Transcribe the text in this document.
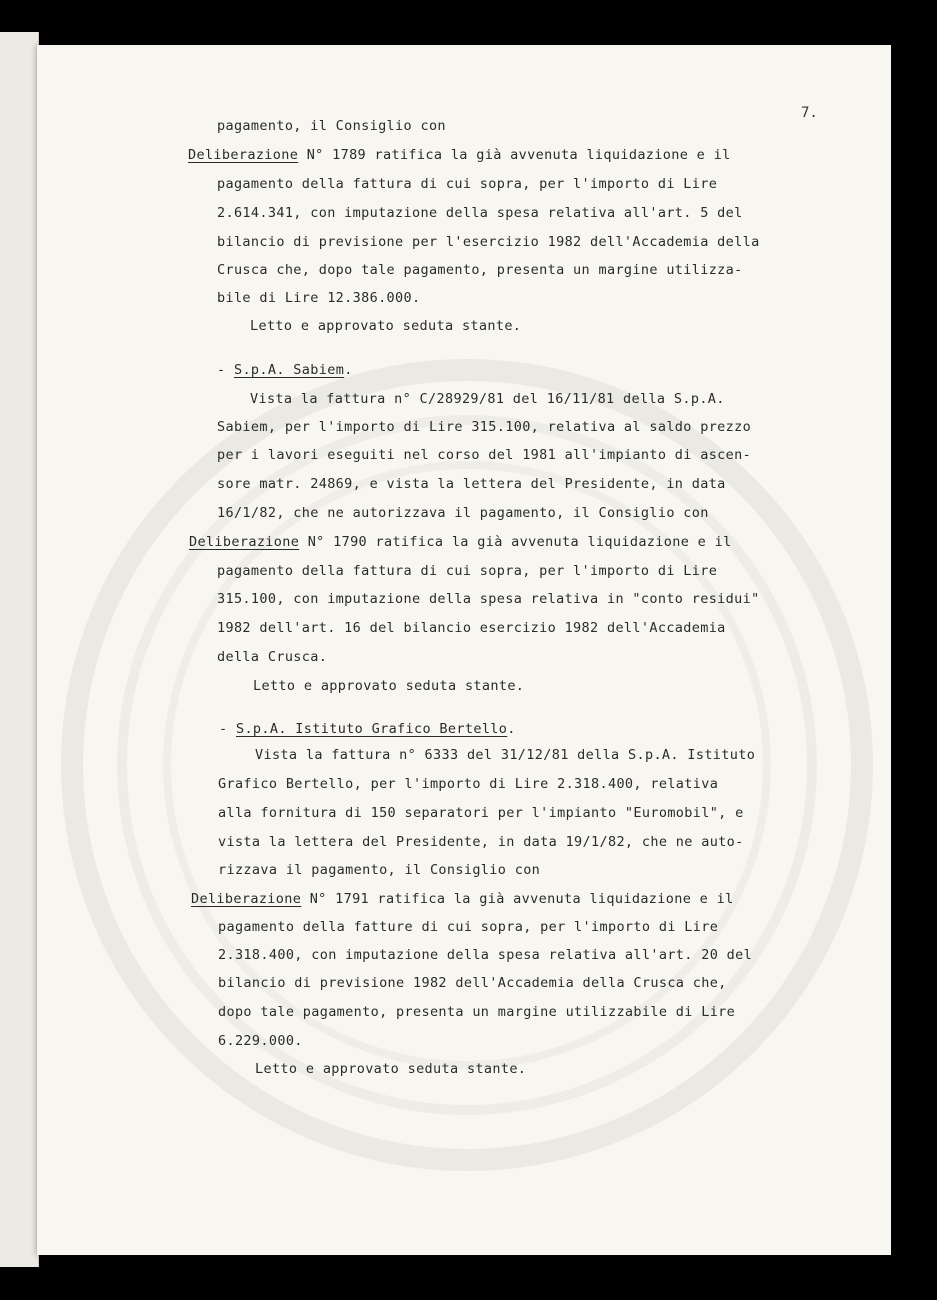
7.
pagamento, il Consiglio con
Deliberazione N° 1789 ratifica la già avvenuta liquidazione e il
pagamento della fattura di cui sopra, per l'importo di Lire
2.614.341, con imputazione della spesa relativa all'art. 5 del
bilancio di previsione per l'esercizio 1982 dell'Accademia della
Crusca che, dopo tale pagamento, presenta un margine utilizza-
bile di Lire 12.386.000.
Letto e approvato seduta stante.
- S.p.A. Sabiem.
Vista la fattura n° C/28929/81 del 16/11/81 della S.p.A.
Sabiem, per l'importo di Lire 315.100, relativa al saldo prezzo
per i lavori eseguiti nel corso del 1981 all'impianto di ascen-
sore matr. 24869, e vista la lettera del Presidente, in data
16/1/82, che ne autorizzava il pagamento, il Consiglio con
Deliberazione N° 1790 ratifica la già avvenuta liquidazione e il
pagamento della fattura di cui sopra, per l'importo di Lire
315.100, con imputazione della spesa relativa in "conto residui"
1982 dell'art. 16 del bilancio esercizio 1982 dell'Accademia
della Crusca.
Letto e approvato seduta stante.
- S.p.A. Istituto Grafico Bertello.
Vista la fattura n° 6333 del 31/12/81 della S.p.A. Istituto
Grafico Bertello, per l'importo di Lire 2.318.400, relativa
alla fornitura di 150 separatori per l'impianto "Euromobil", e
vista la lettera del Presidente, in data 19/1/82, che ne auto-
rizzava il pagamento, il Consiglio con
Deliberazione N° 1791 ratifica la già avvenuta liquidazione e il
pagamento della fatture di cui sopra, per l'importo di Lire
2.318.400, con imputazione della spesa relativa all'art. 20 del
bilancio di previsione 1982 dell'Accademia della Crusca che,
dopo tale pagamento, presenta un margine utilizzabile di Lire
6.229.000.
Letto e approvato seduta stante.
